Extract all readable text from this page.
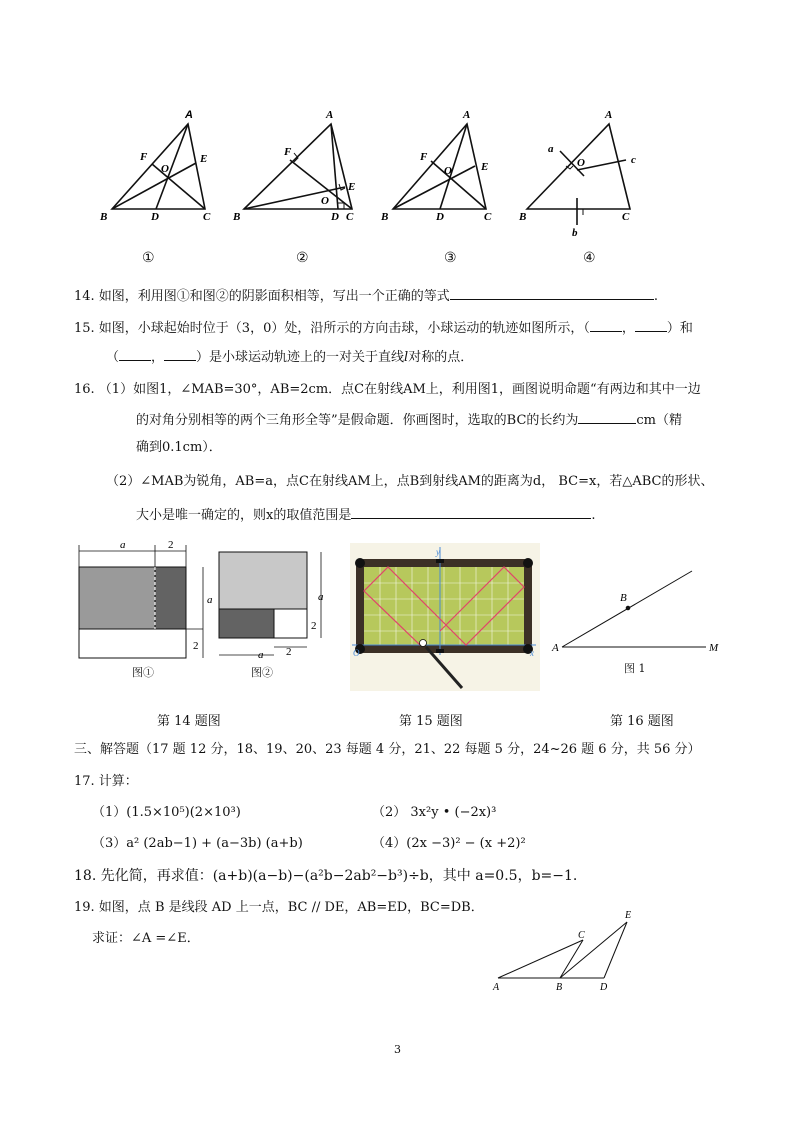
A
B	C
D
E
F
O
A
B	C
D
E
F
O
A
B	C
D
E
F
O
A
B	C
O
a
b
c
①	②	③	④
14. 如图，利用图①和图②的阴影面积相等，写出一个正确的等式	.
15. 如图，小球起始时位于（3，0）处，沿所示的方向击球，小球运动的轨迹如图所示，（ ， ）和
（ ， ）是小球运动轨迹上的一对关于直线l对称的点．
16. （1）如图1，∠MAB=30°，AB=2cm．点C在射线AM上，利用图1，画图说明命题“有两边和其中一边
的对角分别相等的两个三角形全等”是假命题．你画图时，选取的BC的长约为	cm（精
确到0.1cm）．
（2）∠MAB为锐角，AB=a，点C在射线AM上，点B到射线AM的距离为d， BC=x，若△ABC的形状、
大小是唯一确定的，则x的取值范围是	.
a	2
a
2
a
2
a 2
y
x
O	A
B
M
图①	图②	图 1
第 14 题图	第 15 题图	第 16 题图
三、解答题（17 题 12 分，18、19、20、23 每题 4 分，21、22 每题 5 分，24~26 题 6 分，共 56 分）
17. 计算：
（1）(1.5×10⁵)(2×10³)	（2） 3x²y • (−2x)³
（3）a² (2ab−1) + (a−3b) (a+b)	（4）(2x −3)² − (x +2)²
18. 先化简，再求值：(a+b)(a−b)−(a²b−2ab²−b³)÷b，其中 a=0.5，b=−1.
19. 如图，点 B 是线段 AD 上一点，BC // DE，AB=ED，BC=DB．
求证：∠A =∠E．
A	B
C
D
E
3
